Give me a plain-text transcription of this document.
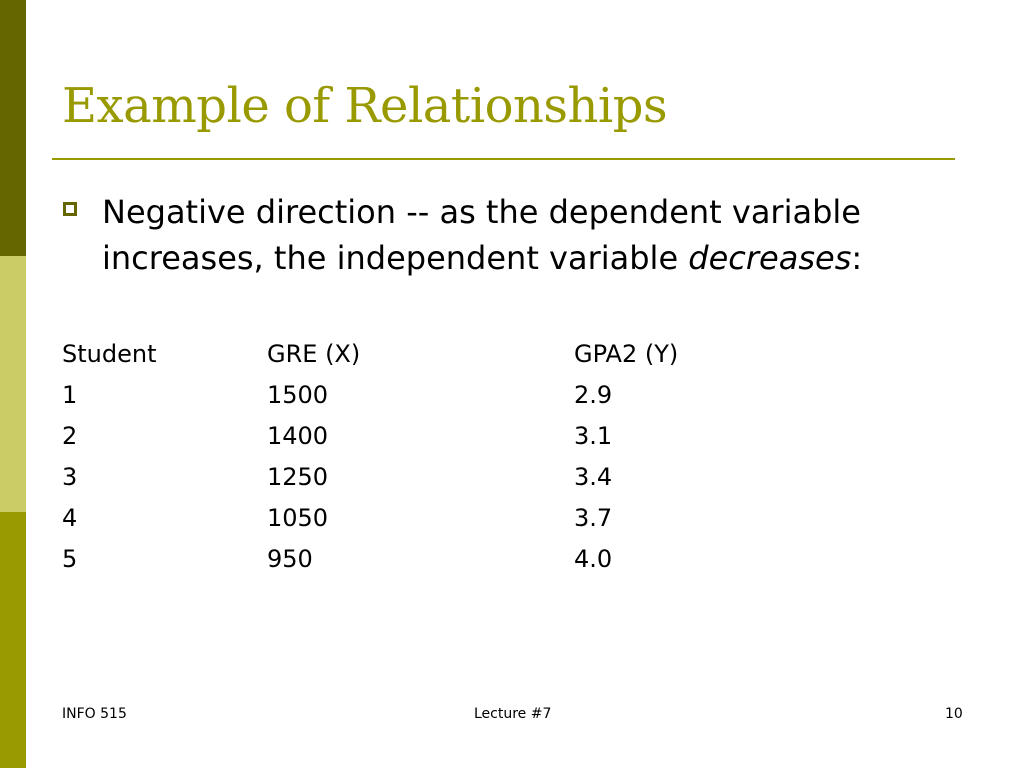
Example of Relationships
Negative direction -- as the dependent variable increases, the independent variable decreases:
Student	GRE (X)	GPA2 (Y)
1	1500	2.9
2	1400	3.1
3	1250	3.4
4	1050	3.7
5	950	4.0
INFO 515	Lecture #7	10
